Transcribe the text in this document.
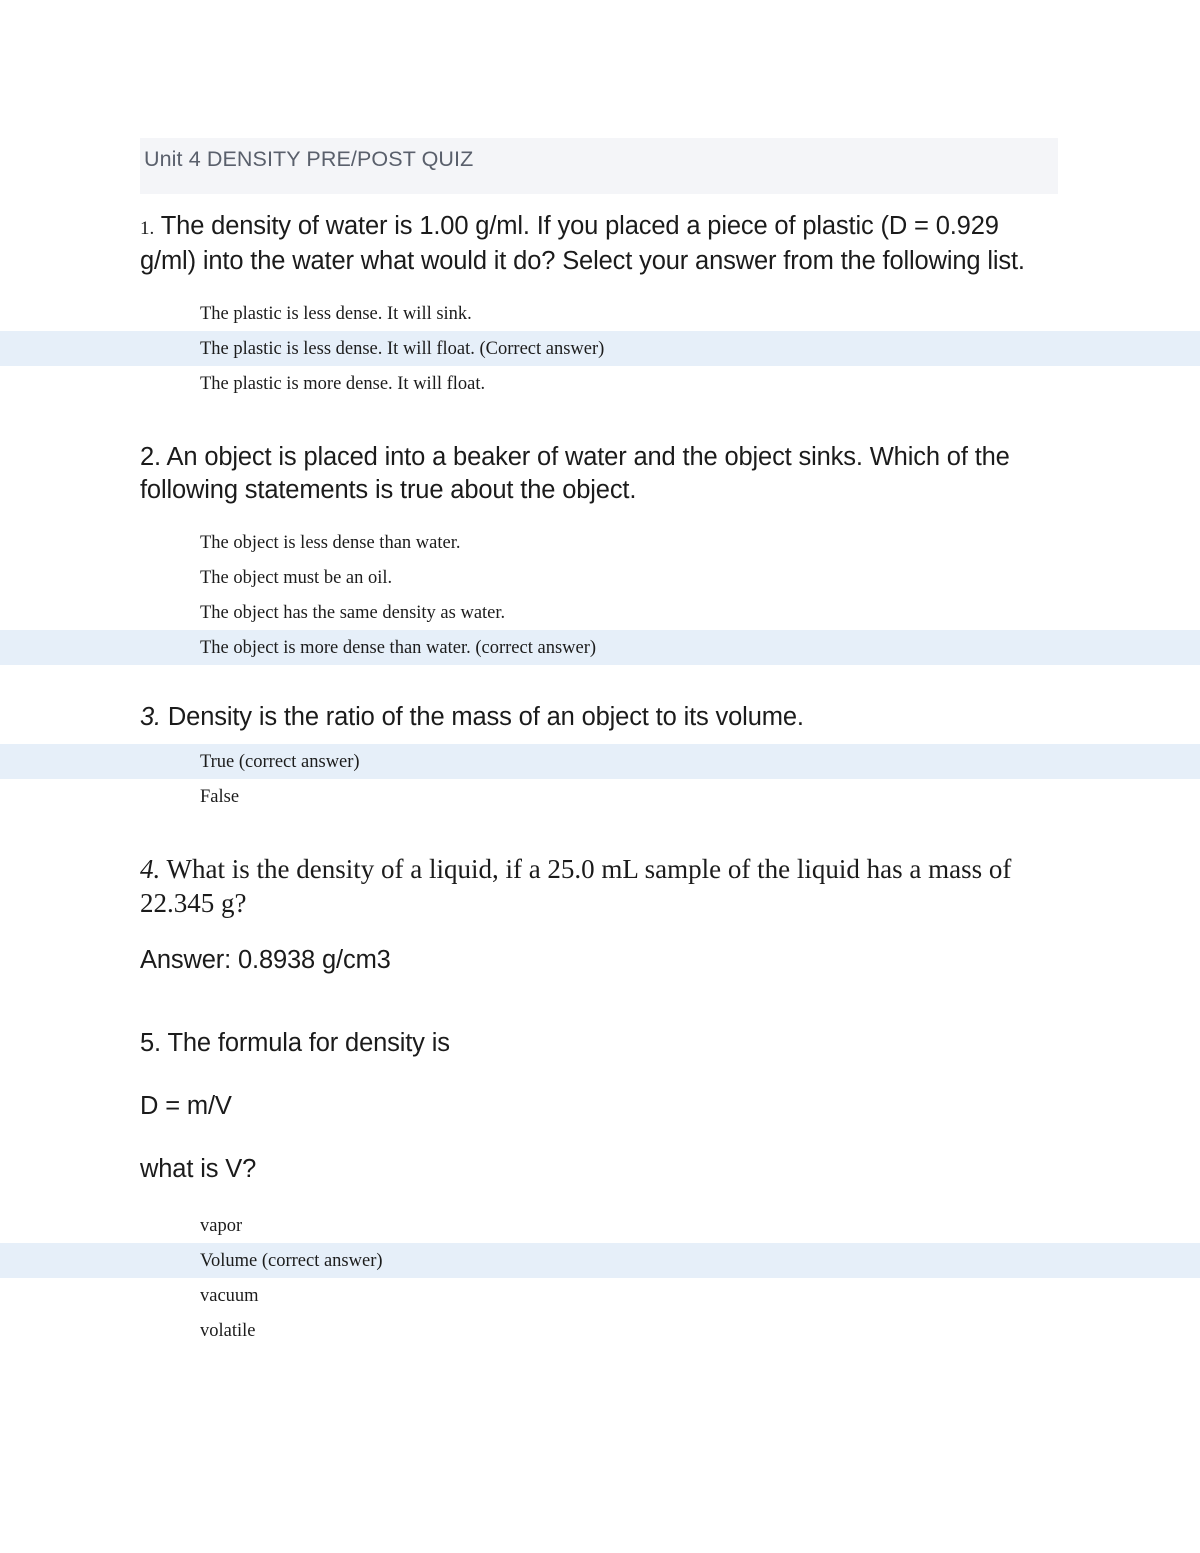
Unit 4 DENSITY PRE/POST QUIZ
1. The density of water is 1.00 g/ml. If you placed a piece of plastic (D = 0.929 g/ml) into the water what would it do? Select your answer from the following list.
The plastic is less dense. It will sink.
The plastic is less dense. It will float. (Correct answer)
The plastic is more dense. It will float.
2. An object is placed into a beaker of water and the object sinks. Which of the following statements is true about the object.
The object is less dense than water.
The object must be an oil.
The object has the same density as water.
The object is more dense than water. (correct answer)
3. Density is the ratio of the mass of an object to its volume.
True (correct answer)
False
4. What is the density of a liquid, if a 25.0 mL sample of the liquid has a mass of 22.345 g?
Answer: 0.8938 g/cm3
5. The formula for density is
D = m/V
what is V?
vapor
Volume (correct answer)
vacuum
volatile
